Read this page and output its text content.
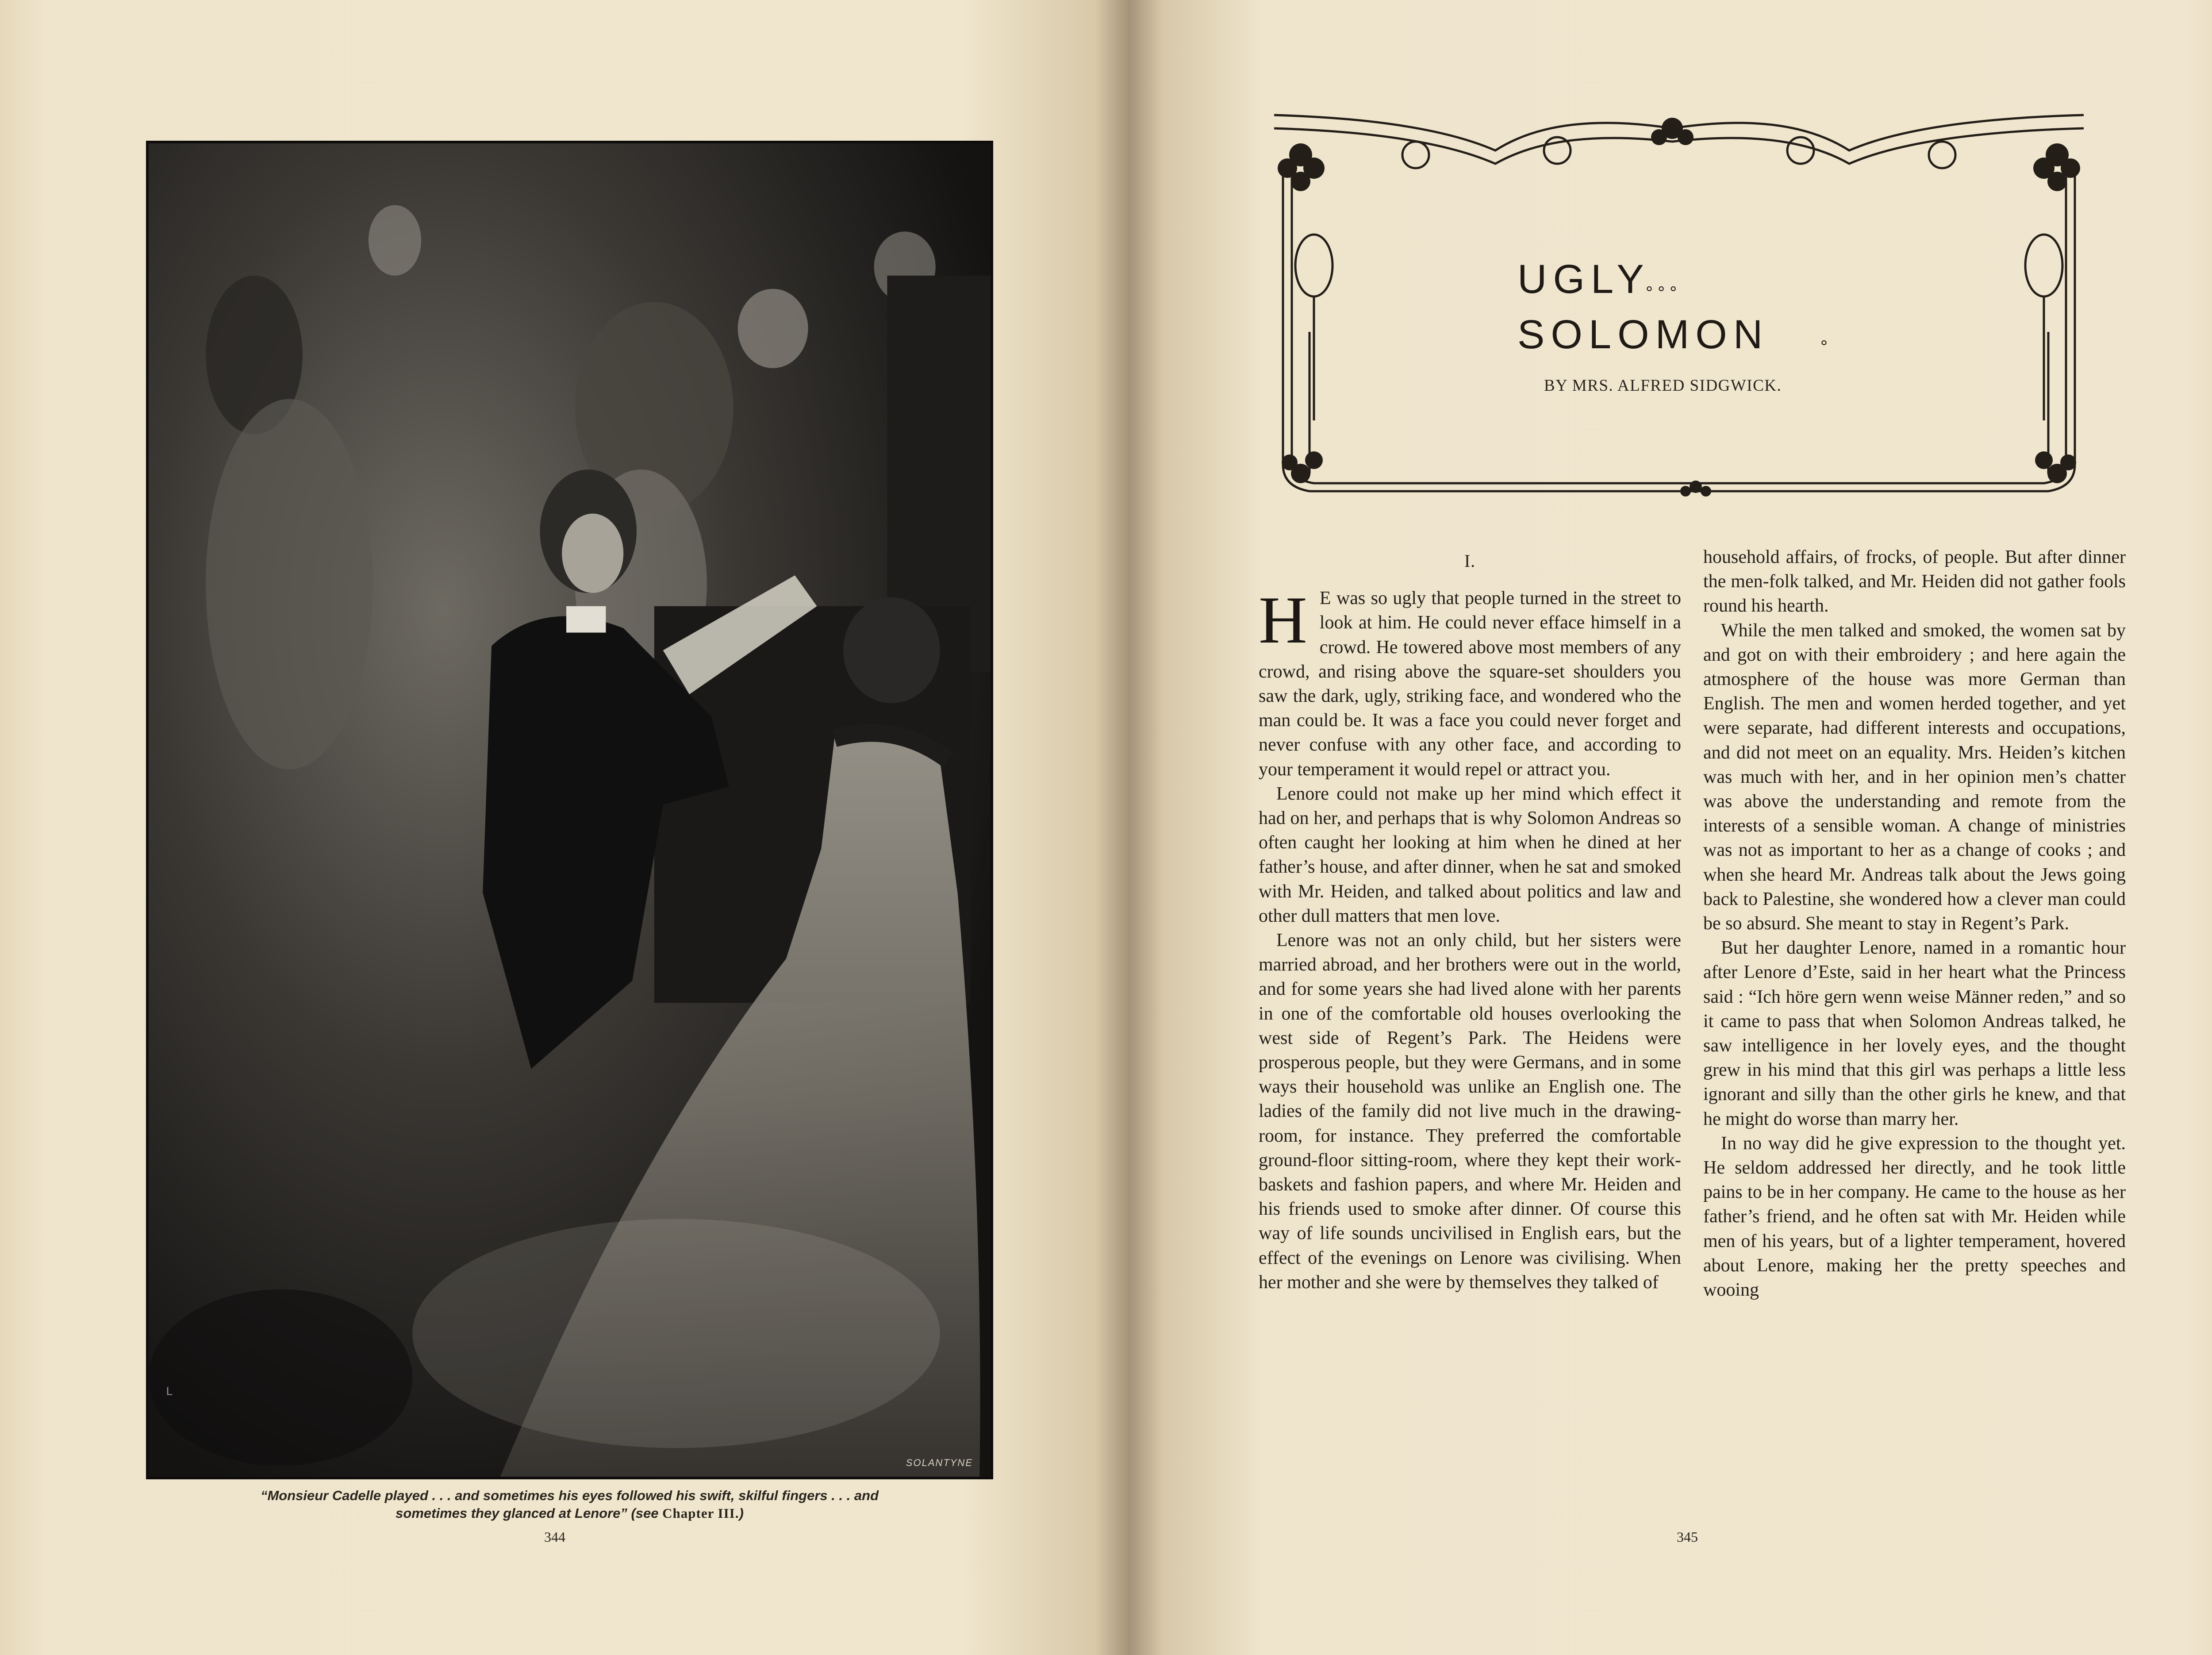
L
SOLANTYNE
“Monsieur Cadelle played . . . and sometimes his eyes followed his swift, skilful fingers . . . and
sometimes they glanced at Lenore” (see Chapter III.)
344
UGLY
° ° °
SOLOMON	°
BY MRS. ALFRED SIDGWICK.
I.

H E was so ugly that people turned in the street to look at him. He could never efface himself in a crowd. He towered above most members of any crowd, and rising above the square-set shoulders you saw the dark, ugly, striking face, and wondered who the man could be. It was a face you could never forget and never confuse with any other face, and according to your temperament it would repel or attract you.

Lenore could not make up her mind which effect it had on her, and perhaps that is why Solomon Andreas so often caught her looking at him when he dined at her father’s house, and after dinner, when he sat and smoked with Mr. Heiden, and talked about politics and law and other dull matters that men love.

Lenore was not an only child, but her sisters were married abroad, and her brothers were out in the world, and for some years she had lived alone with her parents in one of the comfortable old houses overlooking the west side of Regent’s Park. The Heidens were prosperous people, but they were Germans, and in some ways their household was unlike an English one. The ladies of the family did not live much in the drawing-room, for instance. They preferred the comfortable ground-floor sitting-room, where they kept their work-baskets and fashion papers, and where Mr. Heiden and his friends used to smoke after dinner. Of course this way of life sounds uncivilised in English ears, but the effect of the evenings on Lenore was civilising. When her mother and she were by themselves they talked of

household affairs, of frocks, of people. But after dinner the men-folk talked, and Mr. Heiden did not gather fools round his hearth.

While the men talked and smoked, the women sat by and got on with their embroidery ; and here again the atmosphere of the house was more German than English. The men and women herded together, and yet were separate, had different interests and occupations, and did not meet on an equality. Mrs. Heiden’s kitchen was much with her, and in her opinion men’s chatter was above the understanding and remote from the interests of a sensible woman. A change of ministries was not as important to her as a change of cooks ; and when she heard Mr. Andreas talk about the Jews going back to Palestine, she wondered how a clever man could be so absurd. She meant to stay in Regent’s Park.

But her daughter Lenore, named in a romantic hour after Lenore d’Este, said in her heart what the Princess said : “Ich höre gern wenn weise Männer reden,” and so it came to pass that when Solomon Andreas talked, he saw intelligence in her lovely eyes, and the thought grew in his mind that this girl was perhaps a little less ignorant and silly than the other girls he knew, and that he might do worse than marry her.

In no way did he give expression to the thought yet. He seldom addressed her directly, and he took little pains to be in her company. He came to the house as her father’s friend, and he often sat with Mr. Heiden while men of his years, but of a lighter temperament, hovered about Lenore, making her the pretty speeches and wooing

345
